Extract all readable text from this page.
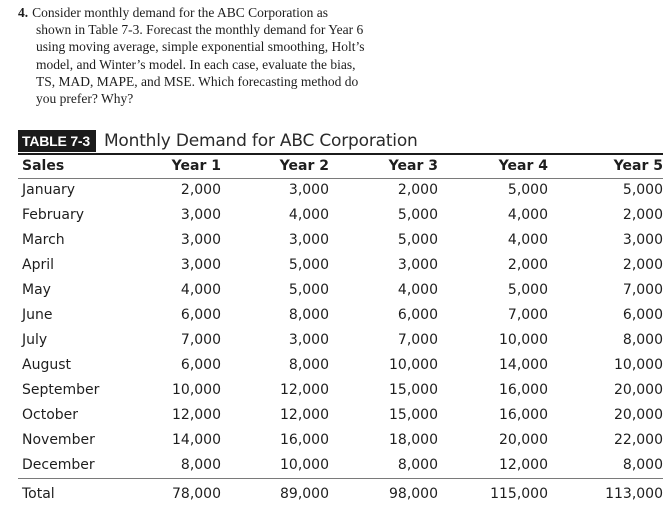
4. Consider monthly demand for the ABC Corporation as
shown in Table 7-3. Forecast the monthly demand for Year 6
using moving average, simple exponential smoothing, Holt’s
model, and Winter’s model. In each case, evaluate the bias,
TS, MAD, MAPE, and MSE. Which forecasting method do
you prefer? Why?
TABLE 7-3 Monthly Demand for ABC Corporation
Sales	Year 1	Year 2	Year 3	Year 4	Year 5
January	2,000	3,000	2,000	5,000	5,000
February	3,000	4,000	5,000	4,000	2,000
March	3,000	3,000	5,000	4,000	3,000
April	3,000	5,000	3,000	2,000	2,000
May	4,000	5,000	4,000	5,000	7,000
June	6,000	8,000	6,000	7,000	6,000
July	7,000	3,000	7,000	10,000	8,000
August	6,000	8,000	10,000	14,000	10,000
September	10,000	12,000	15,000	16,000	20,000
October	12,000	12,000	15,000	16,000	20,000
November	14,000	16,000	18,000	20,000	22,000
December	8,000	10,000	8,000	12,000	8,000
Total	78,000	89,000	98,000	115,000	113,000
